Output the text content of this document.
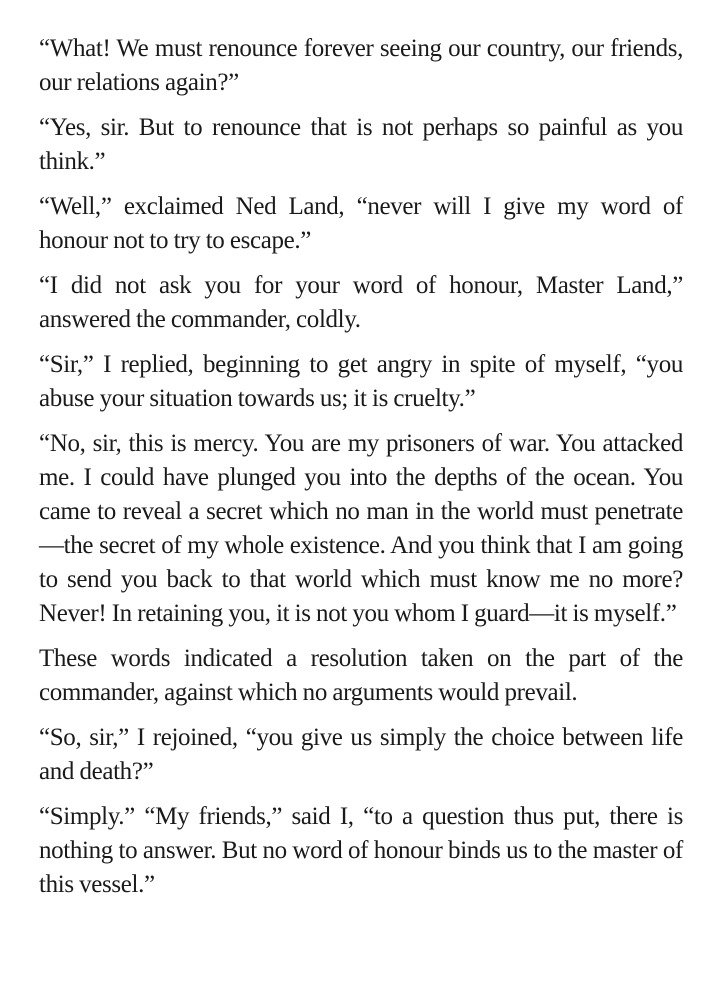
“What! We must renounce forever seeing our country, our friends, our relations again?”

“Yes, sir. But to renounce that is not perhaps so painful as you think.”

“Well,” exclaimed Ned Land, “never will I give my word of honour not to try to escape.”

“I did not ask you for your word of honour, Master Land,” answered the commander, coldly.

“Sir,” I replied, beginning to get angry in spite of myself, “you abuse your situation towards us; it is cruelty.”

“No, sir, this is mercy. You are my prisoners of war. You attacked me. I could have plunged you into the depths of the ocean. You came to reveal a secret which no man in the world must penetrate—the secret of my whole existence. And you think that I am going to send you back to that world which must know me no more? Never! In retaining you, it is not you whom I guard—it is myself.”

These words indicated a resolution taken on the part of the commander, against which no arguments would prevail.

“So, sir,” I rejoined, “you give us simply the choice between life and death?”

“Simply.” “My friends,” said I, “to a question thus put, there is nothing to answer. But no word of honour binds us to the master of this vessel.”
